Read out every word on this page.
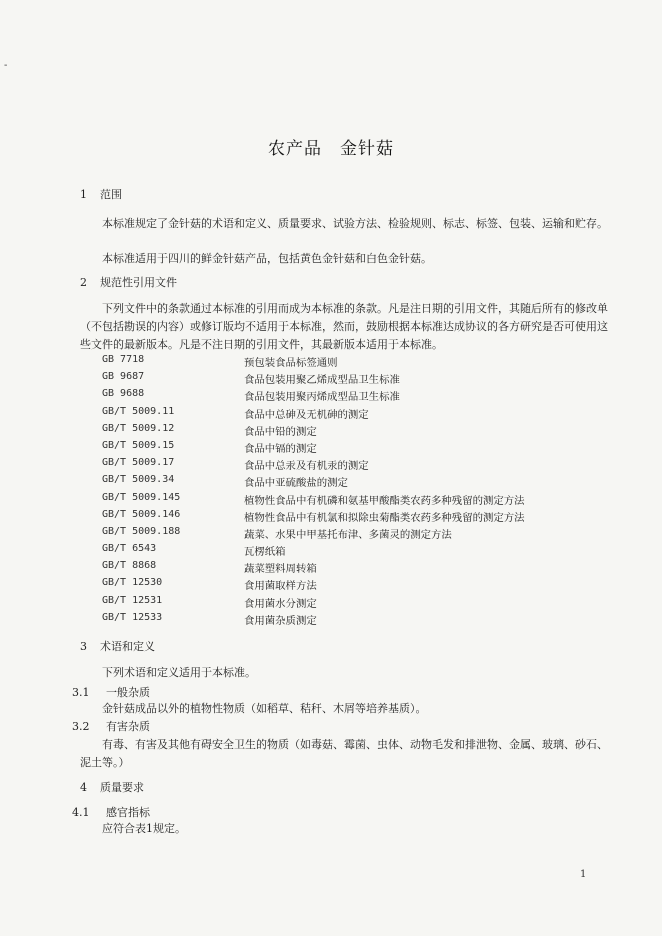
-
农产品　金针菇
1 范围
本标准规定了金针菇的术语和定义、质量要求、试验方法、检验规则、标志、标签、包装、运输和贮存。
本标准适用于四川的鲜金针菇产品，包括黄色金针菇和白色金针菇。
2 规范性引用文件
下列文件中的条款通过本标准的引用而成为本标准的条款。凡是注日期的引用文件，其随后所有的修改单（不包括勘误的内容）或修订版均不适用于本标准，然而，鼓励根据本标准达成协议的各方研究是否可使用这些文件的最新版本。凡是不注日期的引用文件，其最新版本适用于本标准。
GB 7718	预包装食品标签通则
GB 9687	食品包装用聚乙烯成型品卫生标准
GB 9688	食品包装用聚丙烯成型品卫生标准
GB/T 5009.11	食品中总砷及无机砷的测定
GB/T 5009.12	食品中铅的测定
GB/T 5009.15	食品中镉的测定
GB/T 5009.17	食品中总汞及有机汞的测定
GB/T 5009.34	食品中亚硫酸盐的测定
GB/T 5009.145	植物性食品中有机磷和氨基甲酸酯类农药多种残留的测定方法
GB/T 5009.146	植物性食品中有机氯和拟除虫菊酯类农药多种残留的测定方法
GB/T 5009.188	蔬菜、水果中甲基托布津、多菌灵的测定方法
GB/T 6543	瓦楞纸箱
GB/T 8868	蔬菜塑料周转箱
GB/T 12530	食用菌取样方法
GB/T 12531	食用菌水分测定
GB/T 12533	食用菌杂质测定
3 术语和定义
下列术语和定义适用于本标准。
3.1 一般杂质
金针菇成品以外的植物性物质（如稻草、秸秆、木屑等培养基质）。
3.2 有害杂质
有毒、有害及其他有碍安全卫生的物质（如毒菇、霉菌、虫体、动物毛发和排泄物、金属、玻璃、砂石、泥土等。）
4 质量要求
4.1 感官指标
应符合表1规定。
1
